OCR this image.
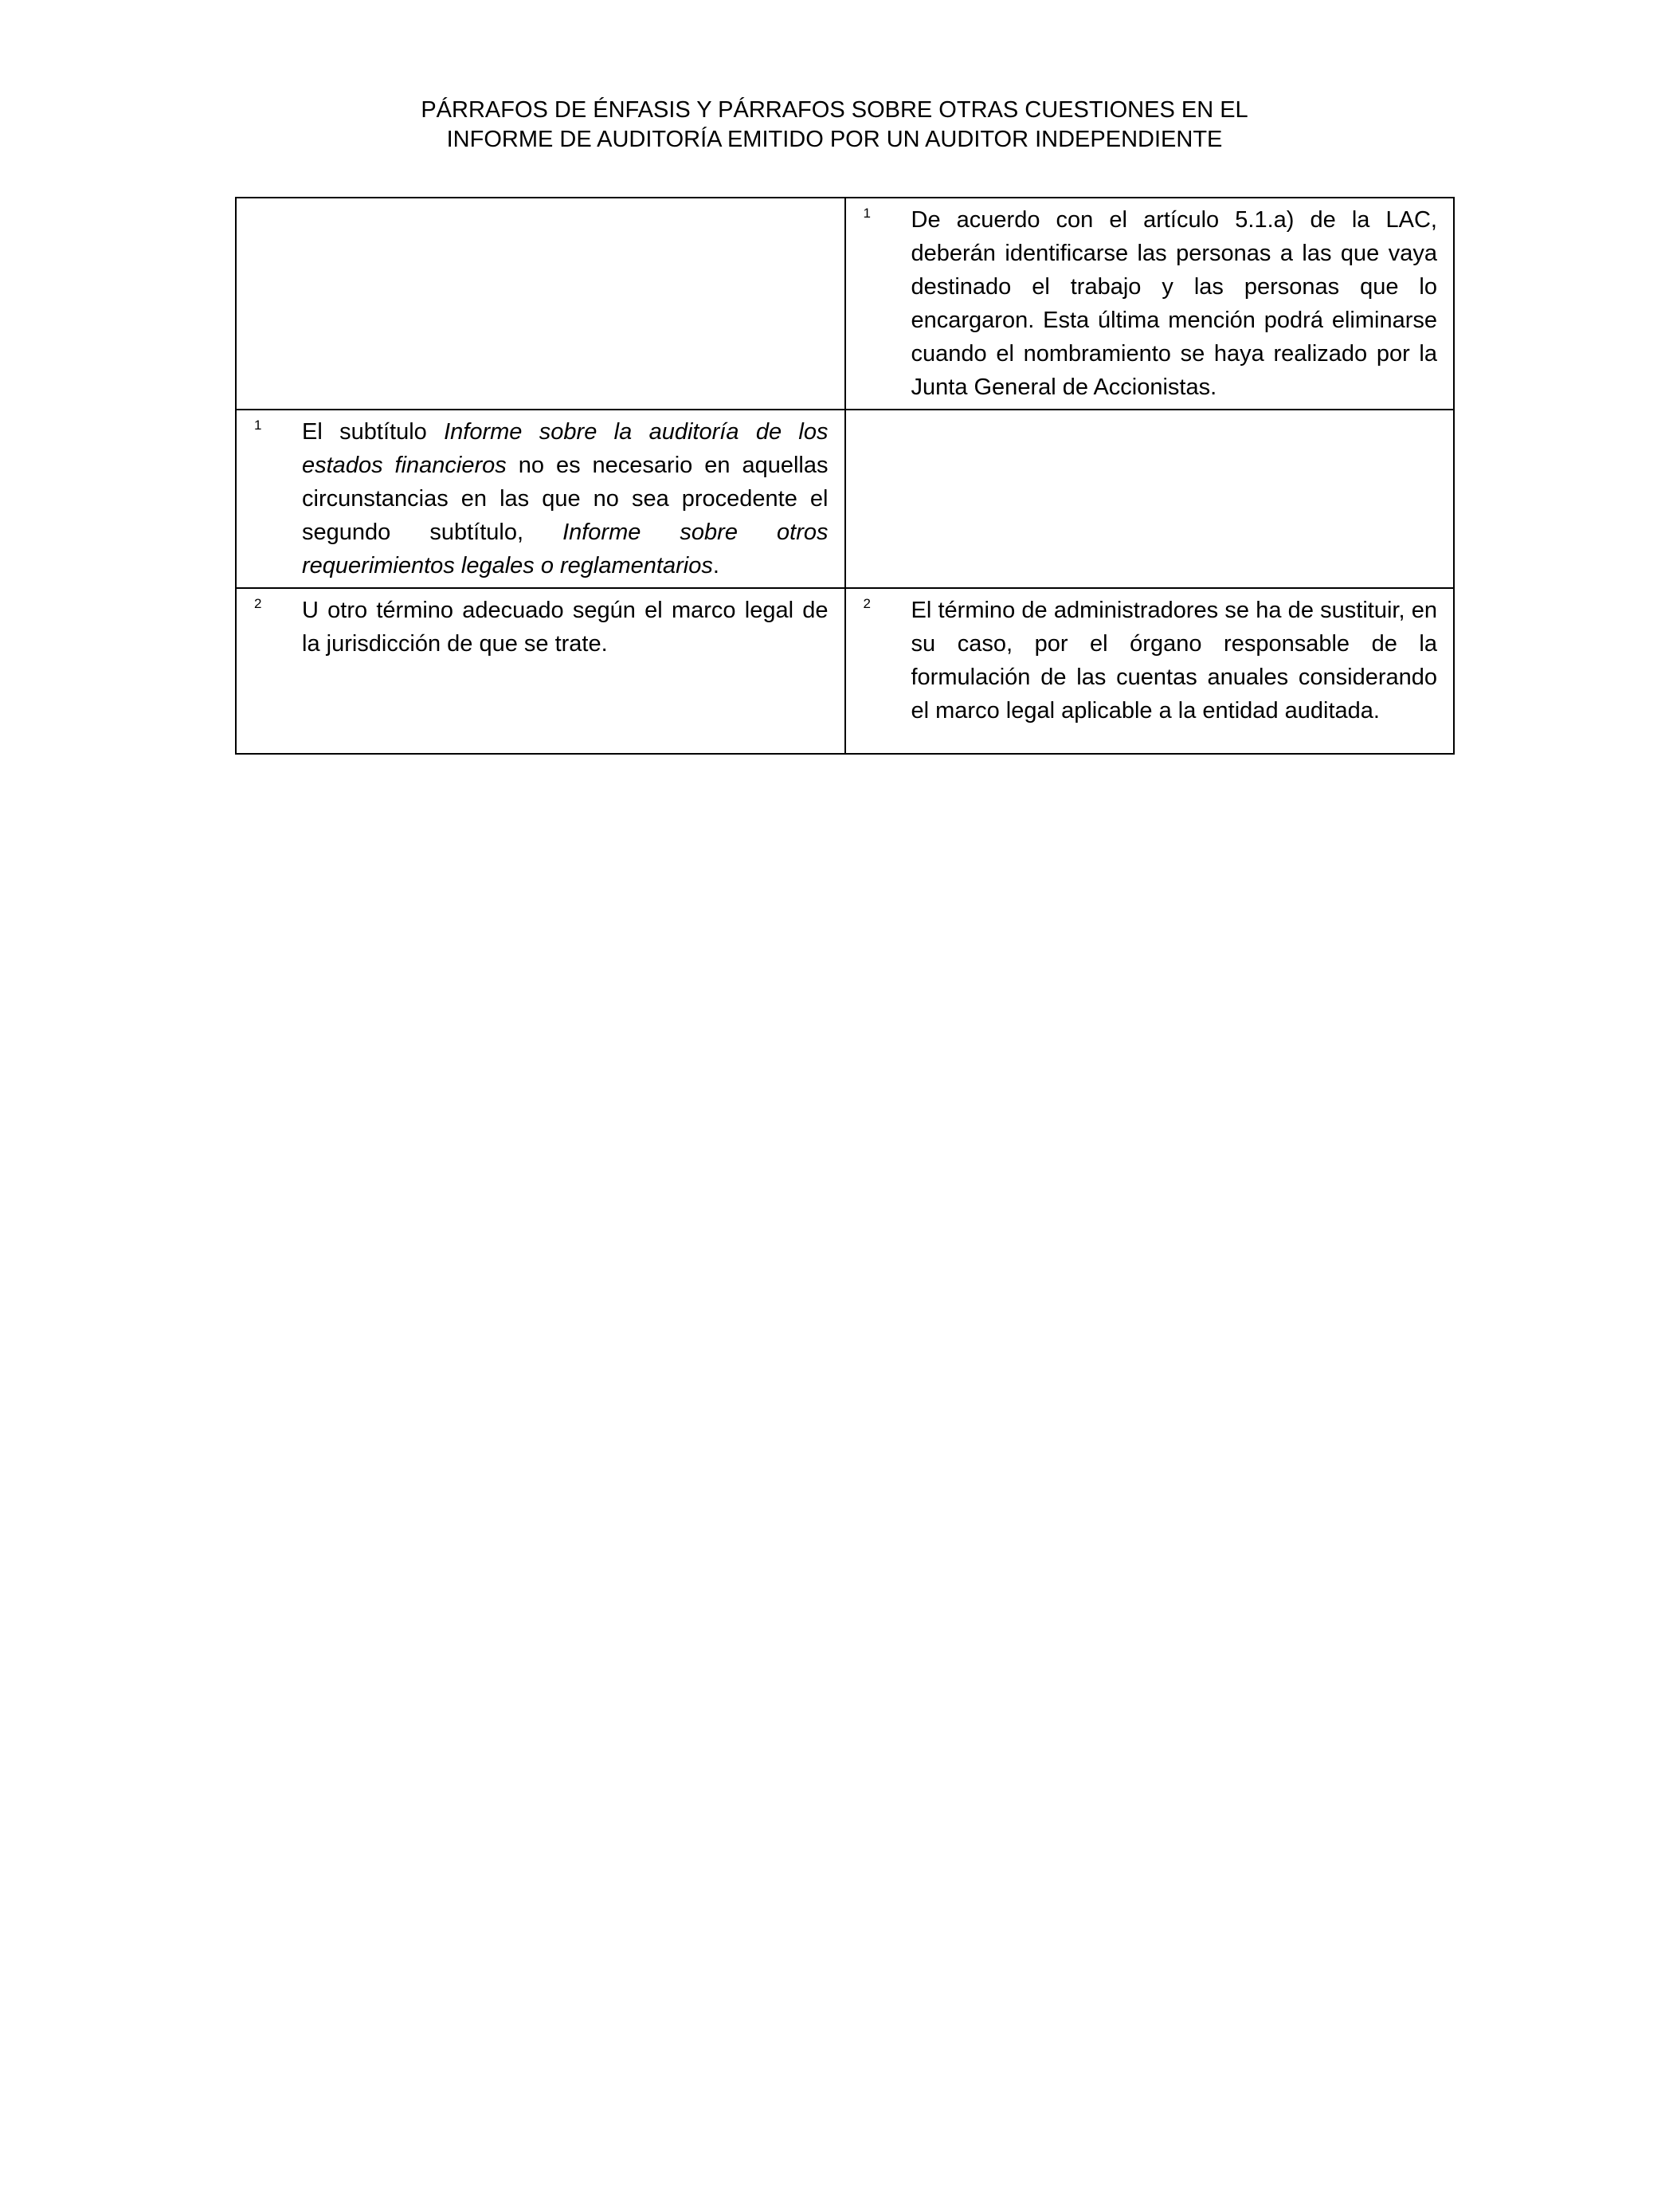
PÁRRAFOS DE ÉNFASIS Y PÁRRAFOS SOBRE OTRAS CUESTIONES EN EL
INFORME DE AUDITORÍA EMITIDO POR UN AUDITOR INDEPENDIENTE

	1 De acuerdo con el artículo 5.1.a) de la LAC, deberán identificarse las personas a las que vaya destinado el trabajo y las personas que lo encargaron. Esta última mención podrá eliminarse cuando el nombramiento se haya realizado por la Junta General de Accionistas.

1 El subtítulo Informe sobre la auditoría de los estados financieros no es necesario en aquellas circunstancias en las que no sea procedente el segundo subtítulo, Informe sobre otros requerimientos legales o reglamentarios.	

2 U otro término adecuado según el marco legal de la jurisdicción de que se trate.	2 El término de administradores se ha de sustituir, en su caso, por el órgano responsable de la formulación de las cuentas anuales considerando el marco legal aplicable a la entidad auditada.
